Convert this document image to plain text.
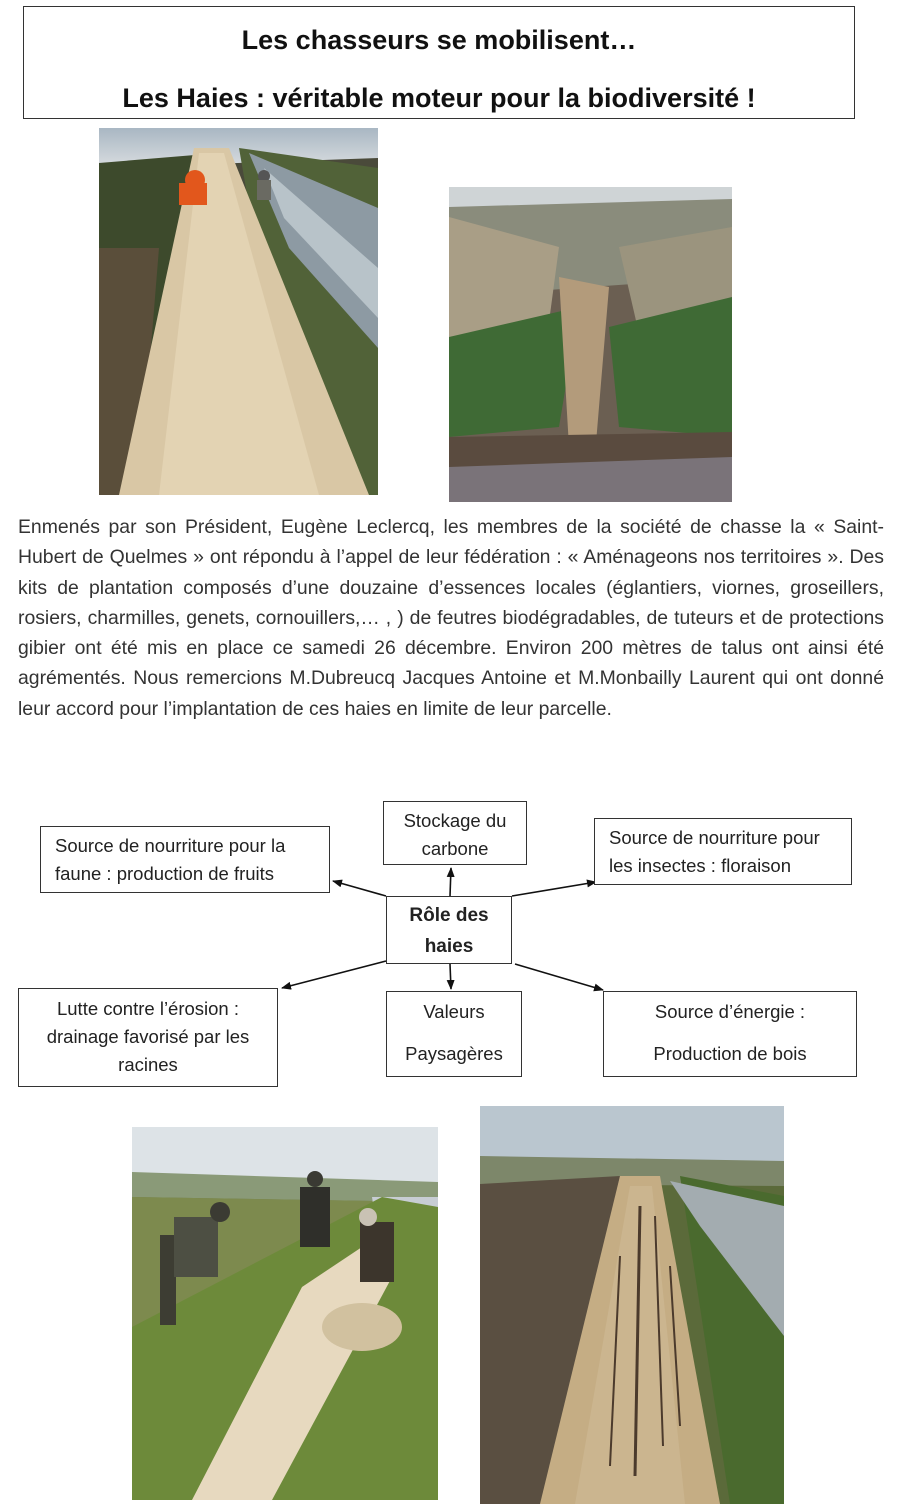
Les chasseurs se mobilisent…
Les Haies : véritable moteur pour la biodiversité !
Enmenés par son Président, Eugène Leclercq, les membres de la société de chasse la « Saint-Hubert de Quelmes » ont répondu à l’appel de leur fédération : « Aménageons nos territoires ». Des kits de plantation composés d’une douzaine d’essences locales (églantiers, viornes, groseillers, rosiers, charmilles, genets, cornouillers,… , ) de feutres biodégradables, de tuteurs et de protections gibier ont été mis en place ce samedi 26 décembre. Environ 200 mètres de talus ont ainsi été agrémentés. Nous remercions M.Dubreucq Jacques Antoine et M.Monbailly Laurent qui ont donné leur accord pour l’implantation de ces haies en limite de leur parcelle.
Stockage du
carbone
Source de nourriture pour la
faune : production de fruits
Source de nourriture pour
les insectes : floraison
Rôle des
haies
Lutte contre l’érosion :
drainage favorisé par les
racines
Valeurs
Paysagères
Source d’énergie :
Production de bois
